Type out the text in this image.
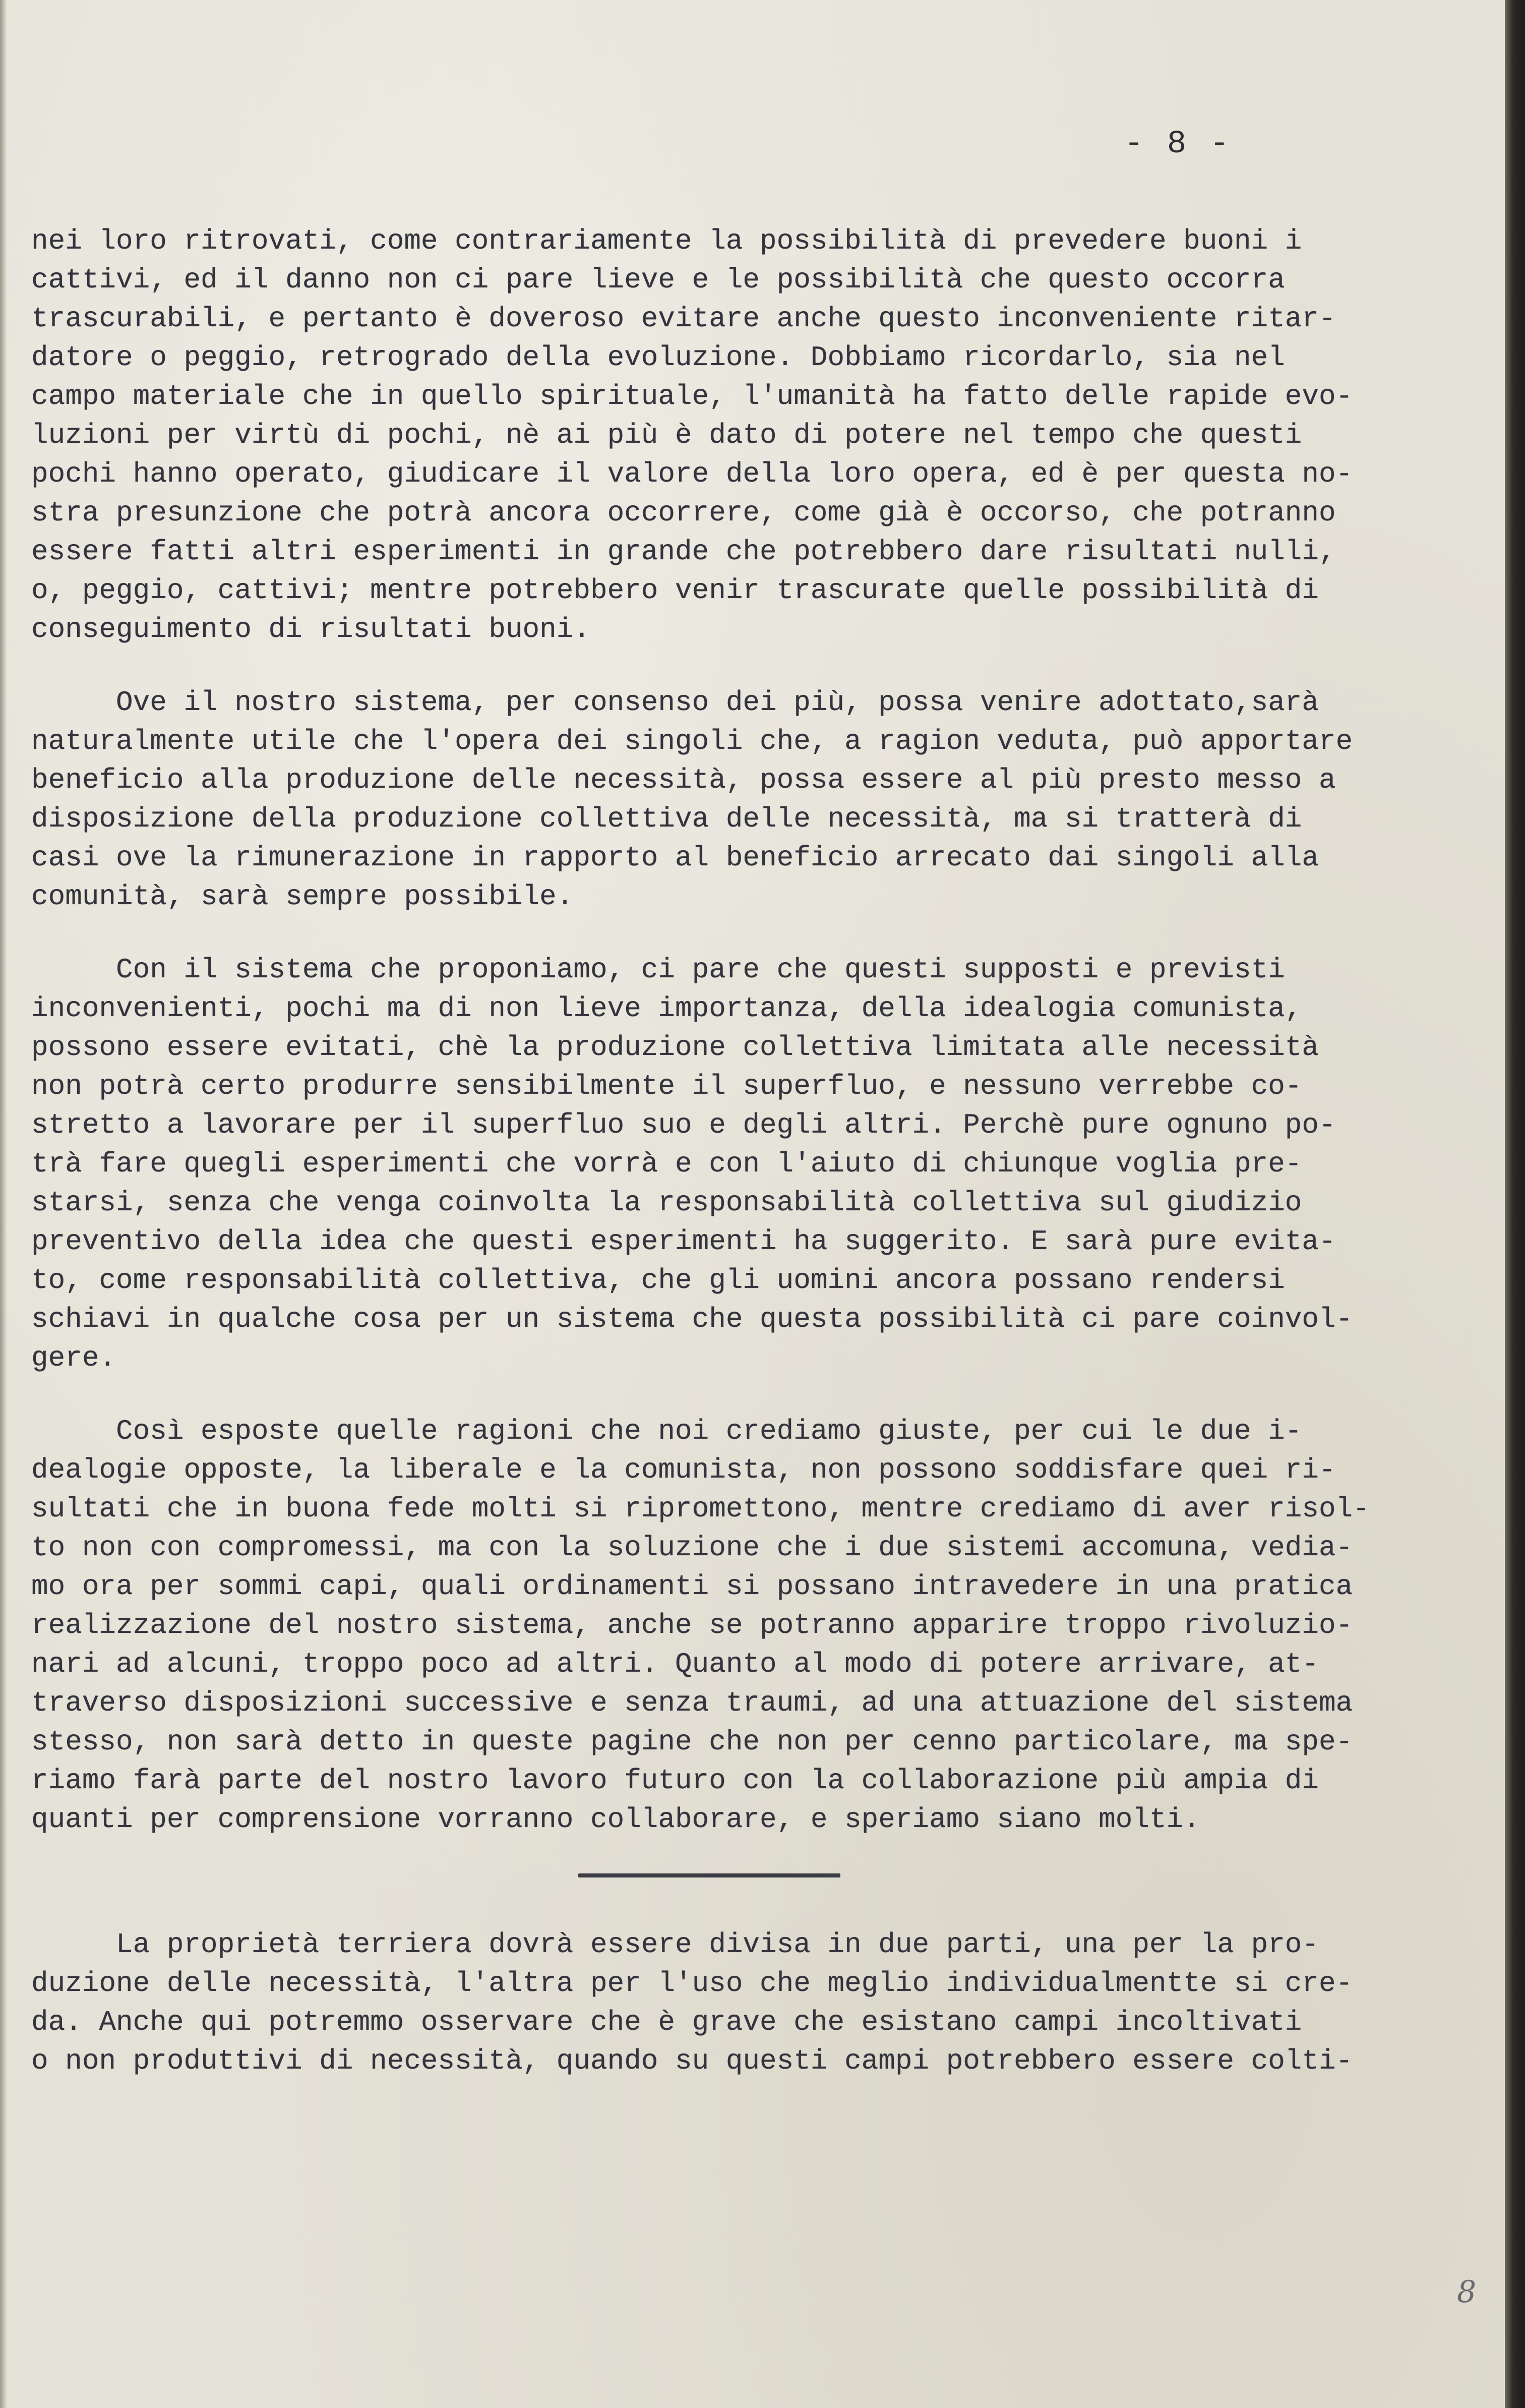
- 8 -
nei loro ritrovati, come contrariamente la possibilità di prevedere buoni i
cattivi, ed il danno non ci pare lieve e le possibilità che questo occorra
trascurabili, e pertanto è doveroso evitare anche questo inconveniente ritar-
datore o peggio, retrogrado della evoluzione. Dobbiamo ricordarlo, sia nel
campo materiale che in quello spirituale, l'umanità ha fatto delle rapide evo-
luzioni per virtù di pochi, nè ai più è dato di potere nel tempo che questi
pochi hanno operato, giudicare il valore della loro opera, ed è per questa no-
stra presunzione che potrà ancora occorrere, come già è occorso, che potranno
essere fatti altri esperimenti in grande che potrebbero dare risultati nulli,
o, peggio, cattivi; mentre potrebbero venir trascurate quelle possibilità di
conseguimento di risultati buoni.
Ove il nostro sistema, per consenso dei più, possa venire adottato,sarà
naturalmente utile che l'opera dei singoli che, a ragion veduta, può apportare
beneficio alla produzione delle necessità, possa essere al più presto messo a
disposizione della produzione collettiva delle necessità, ma si tratterà di
casi ove la rimunerazione in rapporto al beneficio arrecato dai singoli alla
comunità, sarà sempre possibile.
Con il sistema che proponiamo, ci pare che questi supposti e previsti
inconvenienti, pochi ma di non lieve importanza, della idealogia comunista,
possono essere evitati, chè la produzione collettiva limitata alle necessità
non potrà certo produrre sensibilmente il superfluo, e nessuno verrebbe co-
stretto a lavorare per il superfluo suo e degli altri. Perchè pure ognuno po-
trà fare quegli esperimenti che vorrà e con l'aiuto di chiunque voglia pre-
starsi, senza che venga coinvolta la responsabilità collettiva sul giudizio
preventivo della idea che questi esperimenti ha suggerito. E sarà pure evita-
to, come responsabilità collettiva, che gli uomini ancora possano rendersi
schiavi in qualche cosa per un sistema che questa possibilità ci pare coinvol-
gere.
Così esposte quelle ragioni che noi crediamo giuste, per cui le due i-
dealogie opposte, la liberale e la comunista, non possono soddisfare quei ri-
sultati che in buona fede molti si ripromettono, mentre crediamo di aver risol-
to non con compromessi, ma con la soluzione che i due sistemi accomuna, vedia-
mo ora per sommi capi, quali ordinamenti si possano intravedere in una pratica
realizzazione del nostro sistema, anche se potranno apparire troppo rivoluzio-
nari ad alcuni, troppo poco ad altri. Quanto al modo di potere arrivare, at-
traverso disposizioni successive e senza traumi, ad una attuazione del sistema
stesso, non sarà detto in queste pagine che non per cenno particolare, ma spe-
riamo farà parte del nostro lavoro futuro con la collaborazione più ampia di
quanti per comprensione vorranno collaborare, e speriamo siano molti.
La proprietà terriera dovrà essere divisa in due parti, una per la pro-
duzione delle necessità, l'altra per l'uso che meglio individualmentte si cre-
da. Anche qui potremmo osservare che è grave che esistano campi incoltivati
o non produttivi di necessità, quando su questi campi potrebbero essere colti-
8
